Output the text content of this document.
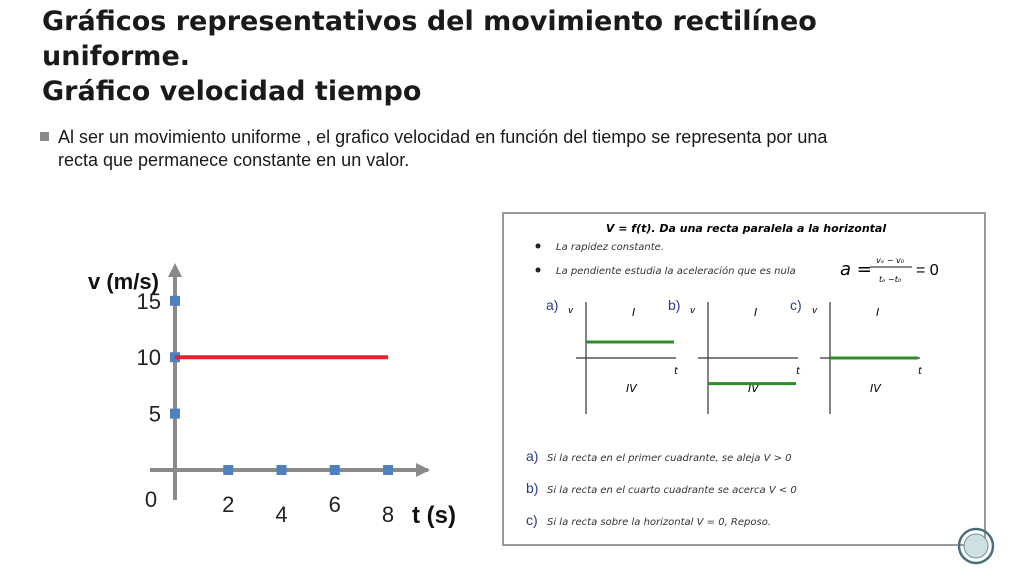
Gráficos representativos del movimiento rectilíneo
uniforme.
Gráfico velocidad tiempo
Al ser un movimiento uniforme , el grafico velocidad en función del tiempo se representa por una recta que permanece constante en un valor.
5
10
15
2 4 6 8
0
v (m/s)
t (s)
V = f(t). Da una recta paralela a la horizontal
La rapidez constante.
La pendiente estudia la aceleración que es nula a = vₑ − v₀
tₑ −t₀
= 0
a) v
t
I
IV
b) v
t
I
IV
c) v
t
I
IV
a) Si la recta en el primer cuadrante, se aleja V > 0
b) Si la recta en el cuarto cuadrante se acerca V < 0
c) Si la recta sobre la horizontal V = 0, Reposo.
